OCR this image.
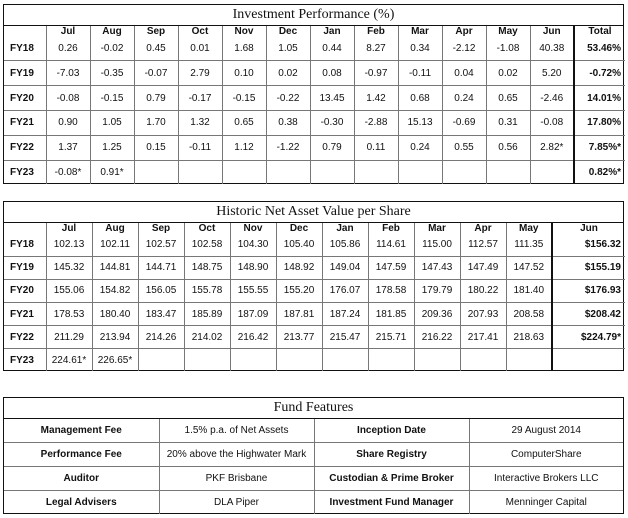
Investment Performance (%)
	Jul	Aug	Sep	Oct	Nov	Dec	Jan	Feb	Mar	Apr	May	Jun	Total
FY18	0.26	-0.02	0.45	0.01	1.68	1.05	0.44	8.27	0.34	-2.12	-1.08	40.38	53.46%
FY19	-7.03	-0.35	-0.07	2.79	0.10	0.02	0.08	-0.97	-0.11	0.04	0.02	5.20	-0.72%
FY20	-0.08	-0.15	0.79	-0.17	-0.15	-0.22	13.45	1.42	0.68	0.24	0.65	-2.46	14.01%
FY21	0.90	1.05	1.70	1.32	0.65	0.38	-0.30	-2.88	15.13	-0.69	0.31	-0.08	17.80%
FY22	1.37	1.25	0.15	-0.11	1.12	-1.22	0.79	0.11	0.24	0.55	0.56	2.82*	7.85%*
FY23	-0.08*	0.91*											0.82%*
Historic Net Asset Value per Share
	Jul	Aug	Sep	Oct	Nov	Dec	Jan	Feb	Mar	Apr	May	Jun
FY18	102.13	102.11	102.57	102.58	104.30	105.40	105.86	114.61	115.00	112.57	111.35	$156.32
FY19	145.32	144.81	144.71	148.75	148.90	148.92	149.04	147.59	147.43	147.49	147.52	$155.19
FY20	155.06	154.82	156.05	155.78	155.55	155.20	176.07	178.58	179.79	180.22	181.40	$176.93
FY21	178.53	180.40	183.47	185.89	187.09	187.81	187.24	181.85	209.36	207.93	208.58	$208.42
FY22	211.29	213.94	214.26	214.02	216.42	213.77	215.47	215.71	216.22	217.41	218.63	$224.79*
FY23	224.61*	226.65*										
Fund Features
Management Fee	1.5% p.a. of Net Assets	Inception Date	29 August 2014
Performance Fee	20% above the Highwater Mark	Share Registry	ComputerShare
Auditor	PKF Brisbane	Custodian & Prime Broker	Interactive Brokers LLC
Legal Advisers	DLA Piper	Investment Fund Manager	Menninger Capital
